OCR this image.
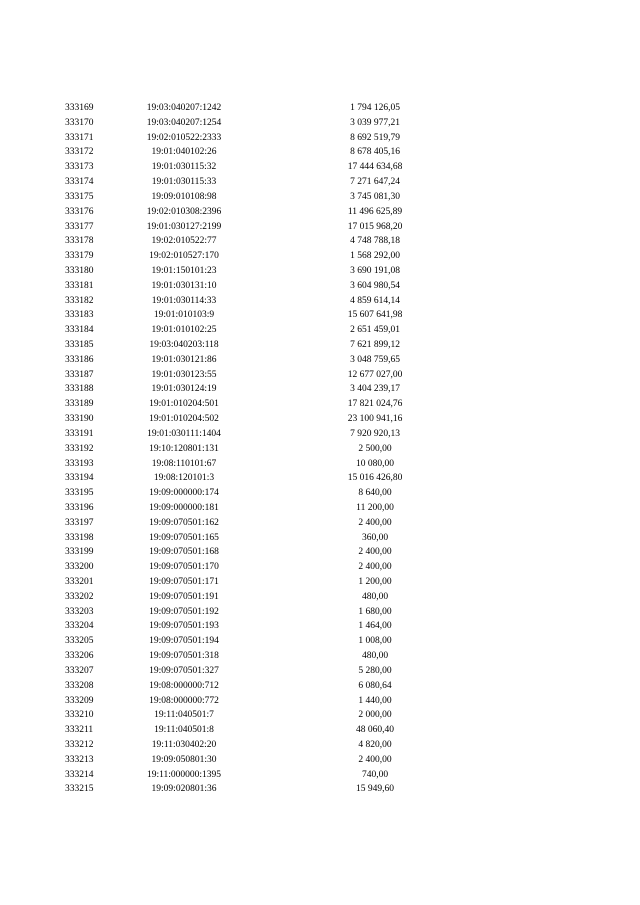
333169	19:03:040207:1242	1 794 126,05
333170	19:03:040207:1254	3 039 977,21
333171	19:02:010522:2333	8 692 519,79
333172	19:01:040102:26	8 678 405,16
333173	19:01:030115:32	17 444 634,68
333174	19:01:030115:33	7 271 647,24
333175	19:09:010108:98	3 745 081,30
333176	19:02:010308:2396	11 496 625,89
333177	19:01:030127:2199	17 015 968,20
333178	19:02:010522:77	4 748 788,18
333179	19:02:010527:170	1 568 292,00
333180	19:01:150101:23	3 690 191,08
333181	19:01:030131:10	3 604 980,54
333182	19:01:030114:33	4 859 614,14
333183	19:01:010103:9	15 607 641,98
333184	19:01:010102:25	2 651 459,01
333185	19:03:040203:118	7 621 899,12
333186	19:01:030121:86	3 048 759,65
333187	19:01:030123:55	12 677 027,00
333188	19:01:030124:19	3 404 239,17
333189	19:01:010204:501	17 821 024,76
333190	19:01:010204:502	23 100 941,16
333191	19:01:030111:1404	7 920 920,13
333192	19:10:120801:131	2 500,00
333193	19:08:110101:67	10 080,00
333194	19:08:120101:3	15 016 426,80
333195	19:09:000000:174	8 640,00
333196	19:09:000000:181	11 200,00
333197	19:09:070501:162	2 400,00
333198	19:09:070501:165	360,00
333199	19:09:070501:168	2 400,00
333200	19:09:070501:170	2 400,00
333201	19:09:070501:171	1 200,00
333202	19:09:070501:191	480,00
333203	19:09:070501:192	1 680,00
333204	19:09:070501:193	1 464,00
333205	19:09:070501:194	1 008,00
333206	19:09:070501:318	480,00
333207	19:09:070501:327	5 280,00
333208	19:08:000000:712	6 080,64
333209	19:08:000000:772	1 440,00
333210	19:11:040501:7	2 000,00
333211	19:11:040501:8	48 060,40
333212	19:11:030402:20	4 820,00
333213	19:09:050801:30	2 400,00
333214	19:11:000000:1395	740,00
333215	19:09:020801:36	15 949,60
